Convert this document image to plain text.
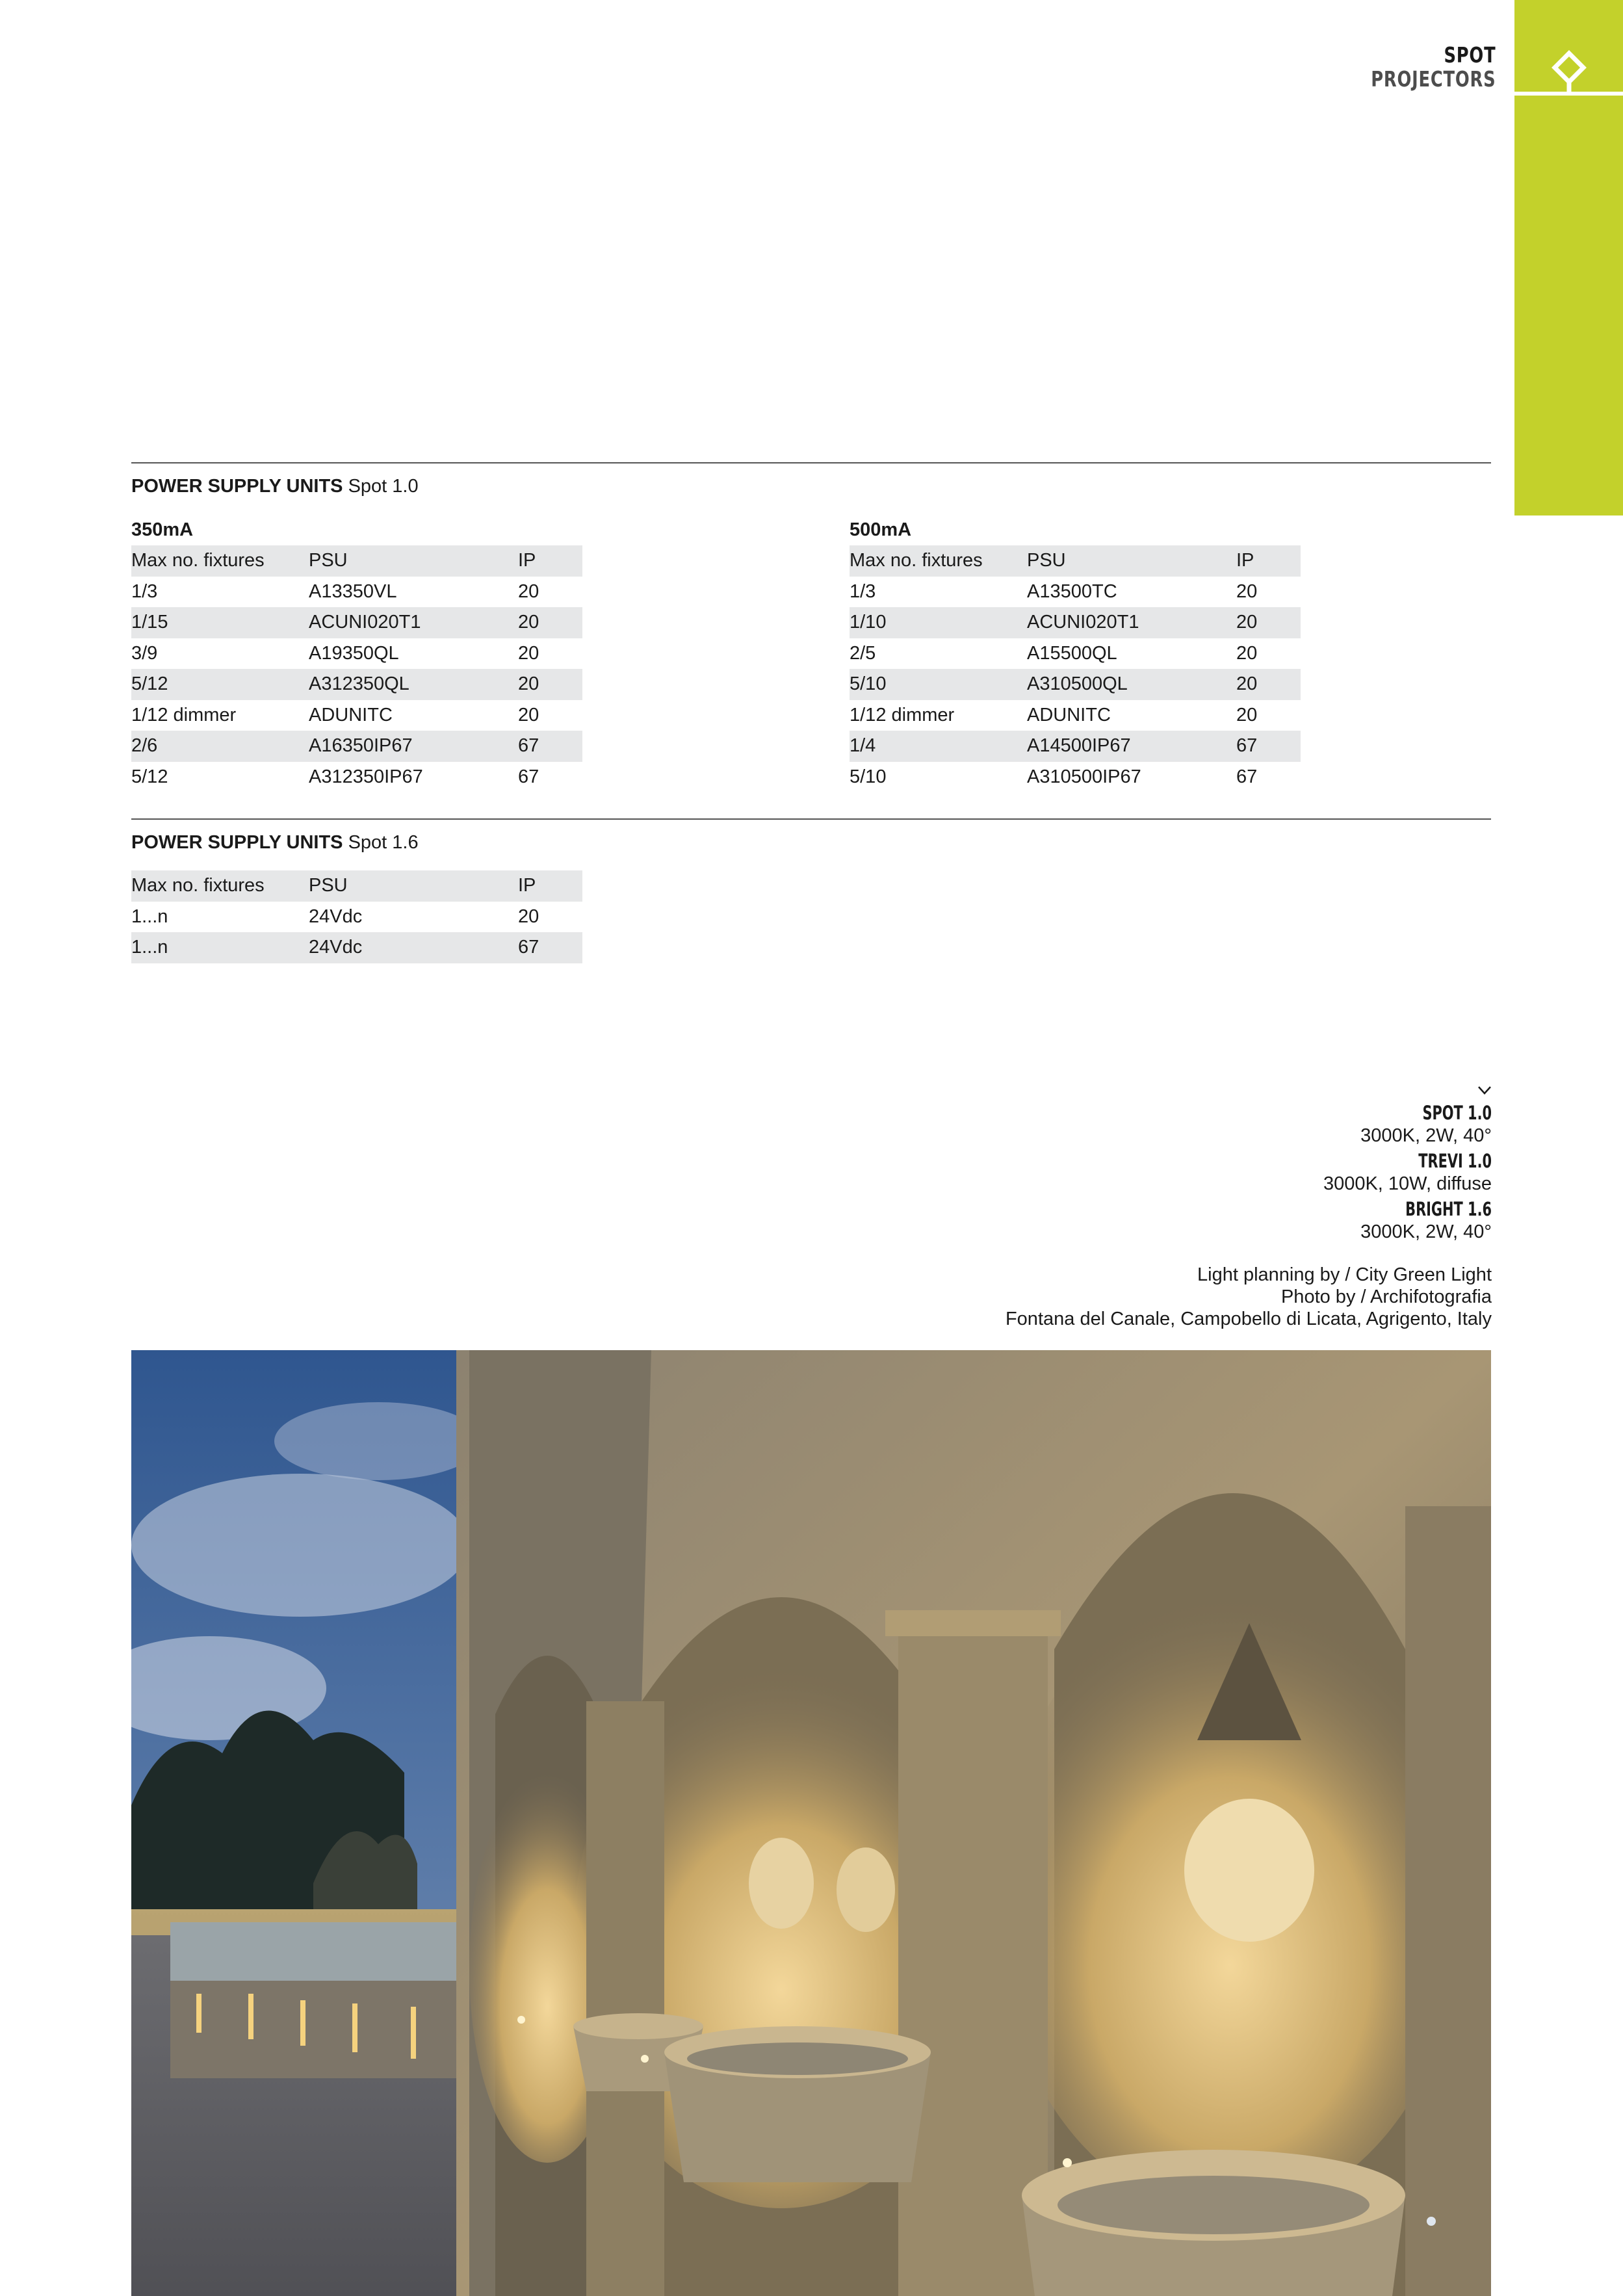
SPOT
PROJECTORS
POWER SUPPLY UNITS Spot 1.0
350mA
Max no. fixtures	PSU	IP
1/3	A13350VL	20
1/15	ACUNI020T1	20
3/9	A19350QL	20
5/12	A312350QL	20
1/12 dimmer	ADUNITC	20
2/6	A16350IP67	67
5/12	A312350IP67	67
500mA
Max no. fixtures	PSU	IP
1/3	A13500TC	20
1/10	ACUNI020T1	20
2/5	A15500QL	20
5/10	A310500QL	20
1/12 dimmer	ADUNITC	20
1/4	A14500IP67	67
5/10	A310500IP67	67
POWER SUPPLY UNITS Spot 1.6
Max no. fixtures	PSU	IP
1...n	24Vdc	20
1...n	24Vdc	67
SPOT 1.0
3000K, 2W, 40°
TREVI 1.0
3000K, 10W, diffuse
BRIGHT 1.6
3000K, 2W, 40°
Light planning by / City Green Light
Photo by / Archifotografia
Fontana del Canale, Campobello di Licata, Agrigento, Italy
